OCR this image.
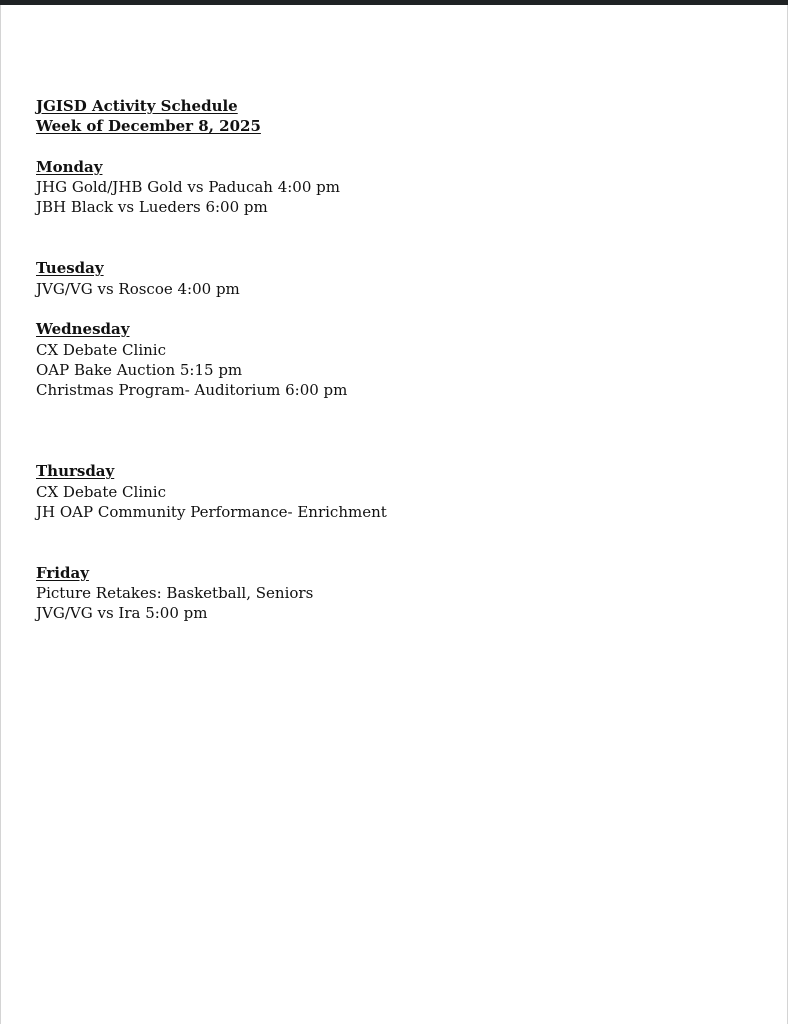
JGISD Activity Schedule
Week of December 8, 2025
Monday
JHG Gold/JHB Gold vs Paducah 4:00 pm
JBH Black vs Lueders 6:00 pm
Tuesday
JVG/VG vs Roscoe 4:00 pm
Wednesday
CX Debate Clinic
OAP Bake Auction 5:15 pm
Christmas Program- Auditorium 6:00 pm
Thursday
CX Debate Clinic
JH OAP Community Performance- Enrichment
Friday
Picture Retakes: Basketball, Seniors
JVG/VG vs Ira 5:00 pm
